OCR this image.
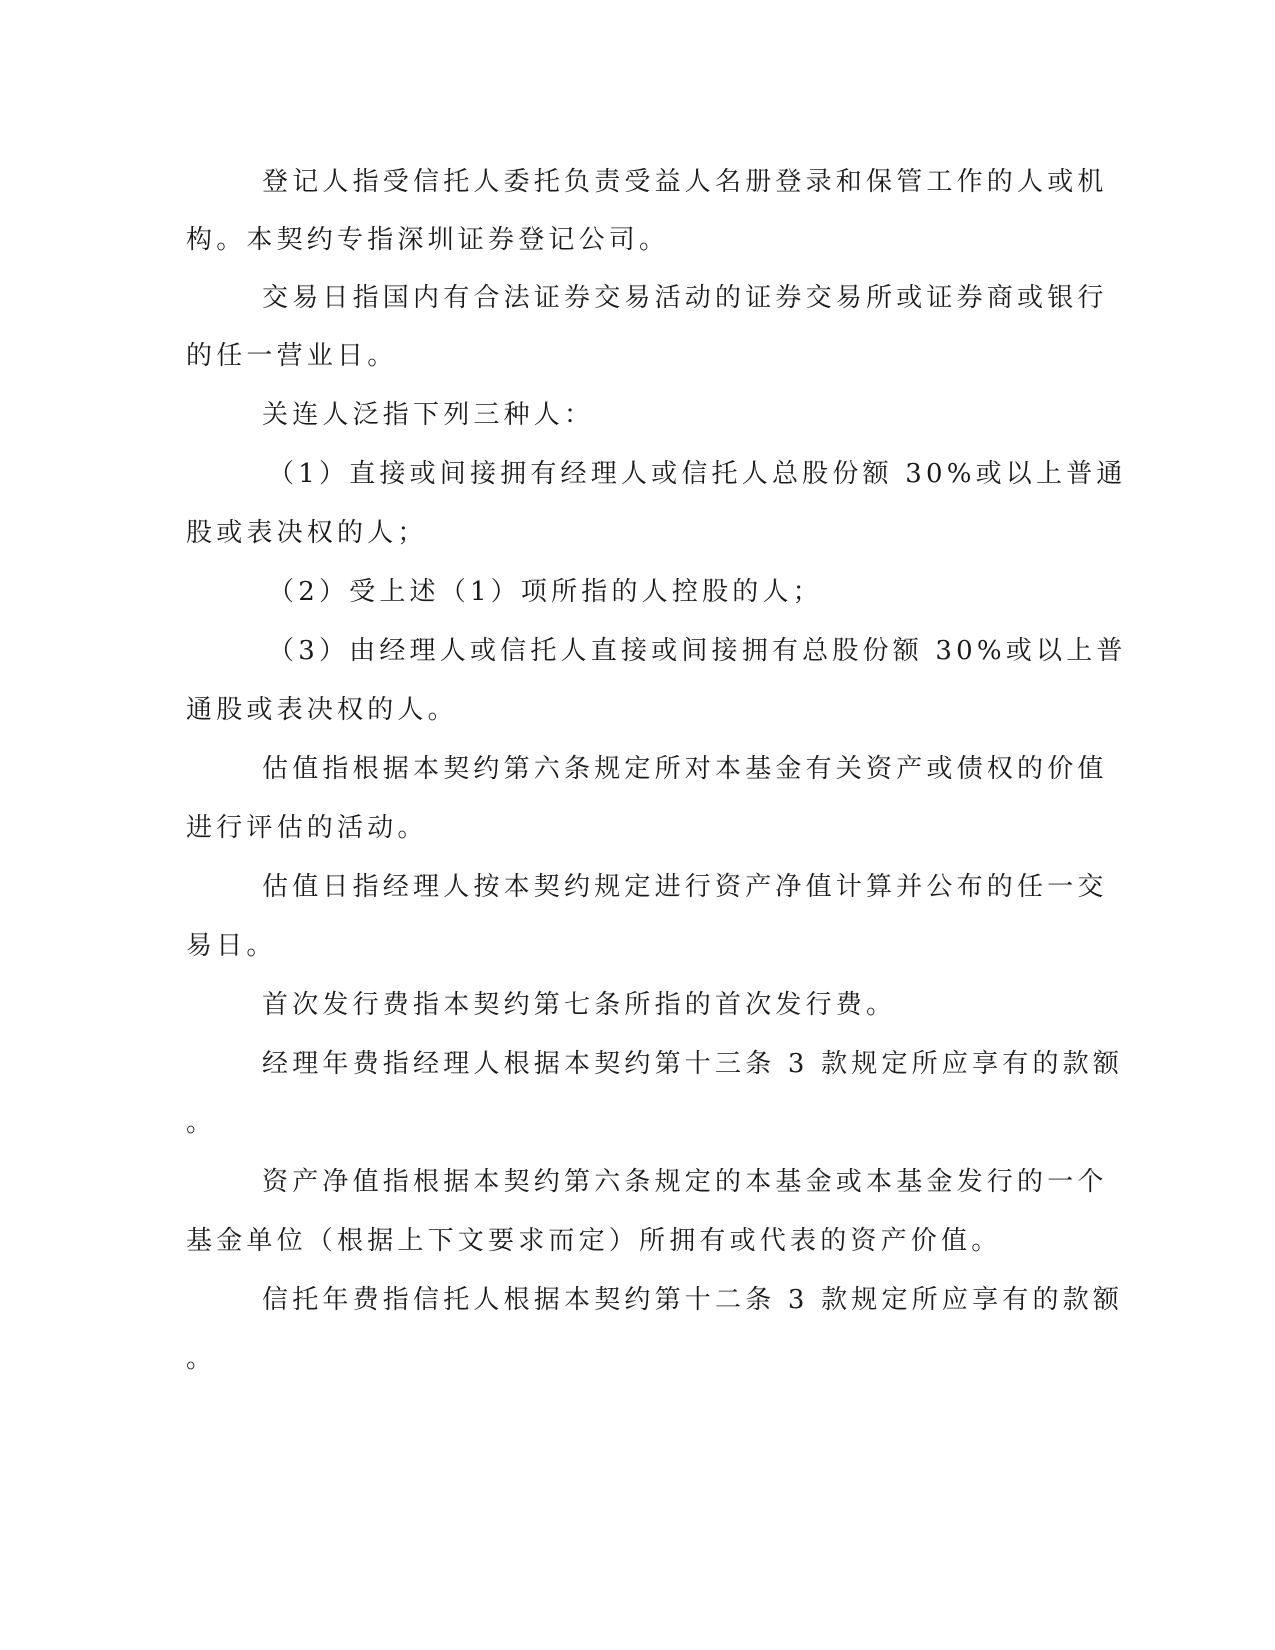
登记人指受信托人委托负责受益人名册登录和保管工作的人或机
构。本契约专指深圳证券登记公司。
交易日指国内有合法证券交易活动的证券交易所或证券商或银行
的任一营业日。
关连人泛指下列三种人：
（1）直接或间接拥有经理人或信托人总股份额 30%或以上普通
股或表决权的人；
（2）受上述（1）项所指的人控股的人；
（3）由经理人或信托人直接或间接拥有总股份额 30%或以上普
通股或表决权的人。
估值指根据本契约第六条规定所对本基金有关资产或债权的价值
进行评估的活动。
估值日指经理人按本契约规定进行资产净值计算并公布的任一交
易日。
首次发行费指本契约第七条所指的首次发行费。
经理年费指经理人根据本契约第十三条 3 款规定所应享有的款额
。
资产净值指根据本契约第六条规定的本基金或本基金发行的一个
基金单位（根据上下文要求而定）所拥有或代表的资产价值。
信托年费指信托人根据本契约第十二条 3 款规定所应享有的款额
。
